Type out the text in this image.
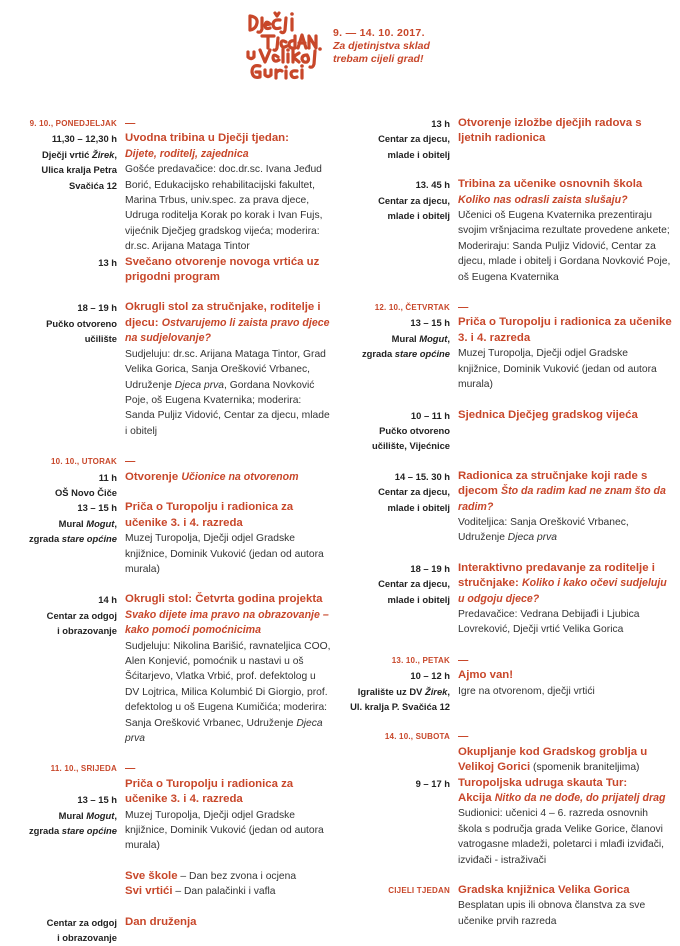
9. — 14. 10. 2017.
Za djetinjstva sklad
trebam cijeli grad!
9. 10., PONEDJELJAK —
11,30 – 12,30 h
Dječji vrtić Žirek,
Ulica kralja Petra
Svačića 12
Uvodna tribina u Dječji tjedan:
Dijete, roditelj, zajednica
Gošće predavačice: doc.dr.sc. Ivana Jeđud Borić, Edukacijsko rehabilitacijski fakultet, Marina Trbus, univ.spec. za prava djece, Udruga roditelja Korak po korak i Ivan Fujs, vijećnik Dječjeg gradskog vijeća; moderira: dr.sc. Arijana Mataga Tintor
13 h Svečano otvorenje novoga vrtića uz prigodni program
18 – 19 h
Pučko otvoreno
učilište
Okrugli stol za stručnjake, roditelje i djecu: Ostvarujemo li zaista pravo djece na sudjelovanje?
Sudjeluju: dr.sc. Arijana Mataga Tintor, Grad Velika Gorica, Sanja Orešković Vrbanec, Udruženje Djeca prva, Gordana Novković Poje, oš Eugena Kvaternika; moderira: Sanda Puljiz Vidović, Centar za djecu, mlade i obitelj
10. 10., UTORAK —
11 h
OŠ Novo Čiče
Otvorenje Učionice na otvorenom
13 – 15 h
Mural Mogut,
zgrada stare općine
Priča o Turopolju i radionica za učenike 3. i 4. razreda
Muzej Turopolja, Dječji odjel Gradske knjižnice, Dominik Vuković (jedan od autora murala)
14 h
Centar za odgoj
i obrazovanje
Okrugli stol: Četvrta godina projekta Svako dijete ima pravo na obrazovanje – kako pomoći pomoćnicima
Sudjeluju: Nikolina Barišić, ravnateljica COO, Alen Konjević, pomoćnik u nastavi u oš Šćitarjevo, Vlatka Vrbić, prof. defektolog u DV Lojtrica, Milica Kolumbić Di Giorgio, prof. defektolog u oš Eugena Kumičića; moderira: Sanja Orešković Vrbanec, Udruženje Djeca prva
11. 10., SRIJEDA —

13 – 15 h
Mural Mogut,
zgrada stare općine
Priča o Turopolju i radionica za učenike 3. i 4. razreda
Muzej Turopolja, Dječji odjel Gradske knjižnice, Dominik Vuković (jedan od autora murala)
Sve škole – Dan bez zvona i ocjena
Svi vrtići – Dan palačinki i vafla
Centar za odgoj
i obrazovanje
Dan druženja
13 h
Centar za djecu,
mlade i obitelj
Otvorenje izložbe dječjih radova s ljetnih radionica
13. 45 h
Centar za djecu,
mlade i obitelj
Tribina za učenike osnovnih škola
Koliko nas odrasli zaista slušaju?
Učenici oš Eugena Kvaternika prezentiraju svojim vršnjacima rezultate provedene ankete; Moderiraju: Sanda Puljiz Vidović, Centar za djecu, mlade i obitelj i Gordana Novković Poje, oš Eugena Kvaternika
12. 10., ČETVRTAK —
13 – 15 h
Mural Mogut,
zgrada stare općine
Priča o Turopolju i radionica za učenike 3. i 4. razreda
Muzej Turopolja, Dječji odjel Gradske knjižnice, Dominik Vuković (jedan od autora murala)
10 – 11 h
Pučko otvoreno
učilište, Vijećnice
Sjednica Dječjeg gradskog vijeća
14 – 15. 30 h
Centar za djecu,
mlade i obitelj
Radionica za stručnjake koji rade s djecom Što da radim kad ne znam što da radim?
Voditeljica: Sanja Orešković Vrbanec, Udruženje Djeca prva
18 – 19 h
Centar za djecu,
mlade i obitelj
Interaktivno predavanje za roditelje i stručnjake: Koliko i kako očevi sudjeluju u odgoju djece?
Predavačice: Vedrana Debijađi i Ljubica Lovreković, Dječji vrtić Velika Gorica
13. 10., PETAK —
10 – 12 h
Igralište uz DV Žirek,
Ul. kralja P. Svačića 12
Ajmo van!
Igre na otvorenom, dječji vrtići
14. 10., SUBOTA —
Okupljanje kod Gradskog groblja u Velikoj Gorici (spomenik braniteljima)
9 – 17 h Turopoljska udruga skauta Tur:
Akcija Nitko da ne dođe, do prijatelj drag
Sudionici: učenici 4 – 6. razreda osnovnih škola s područja grada Velike Gorice, članovi vatrogasne mladeži, poletarci i mlađi izviđači, izviđači - istraživači
CIJELI TJEDAN Gradska knjižnica Velika Gorica
Besplatan upis ili obnova članstva za sve učenike prvih razreda
